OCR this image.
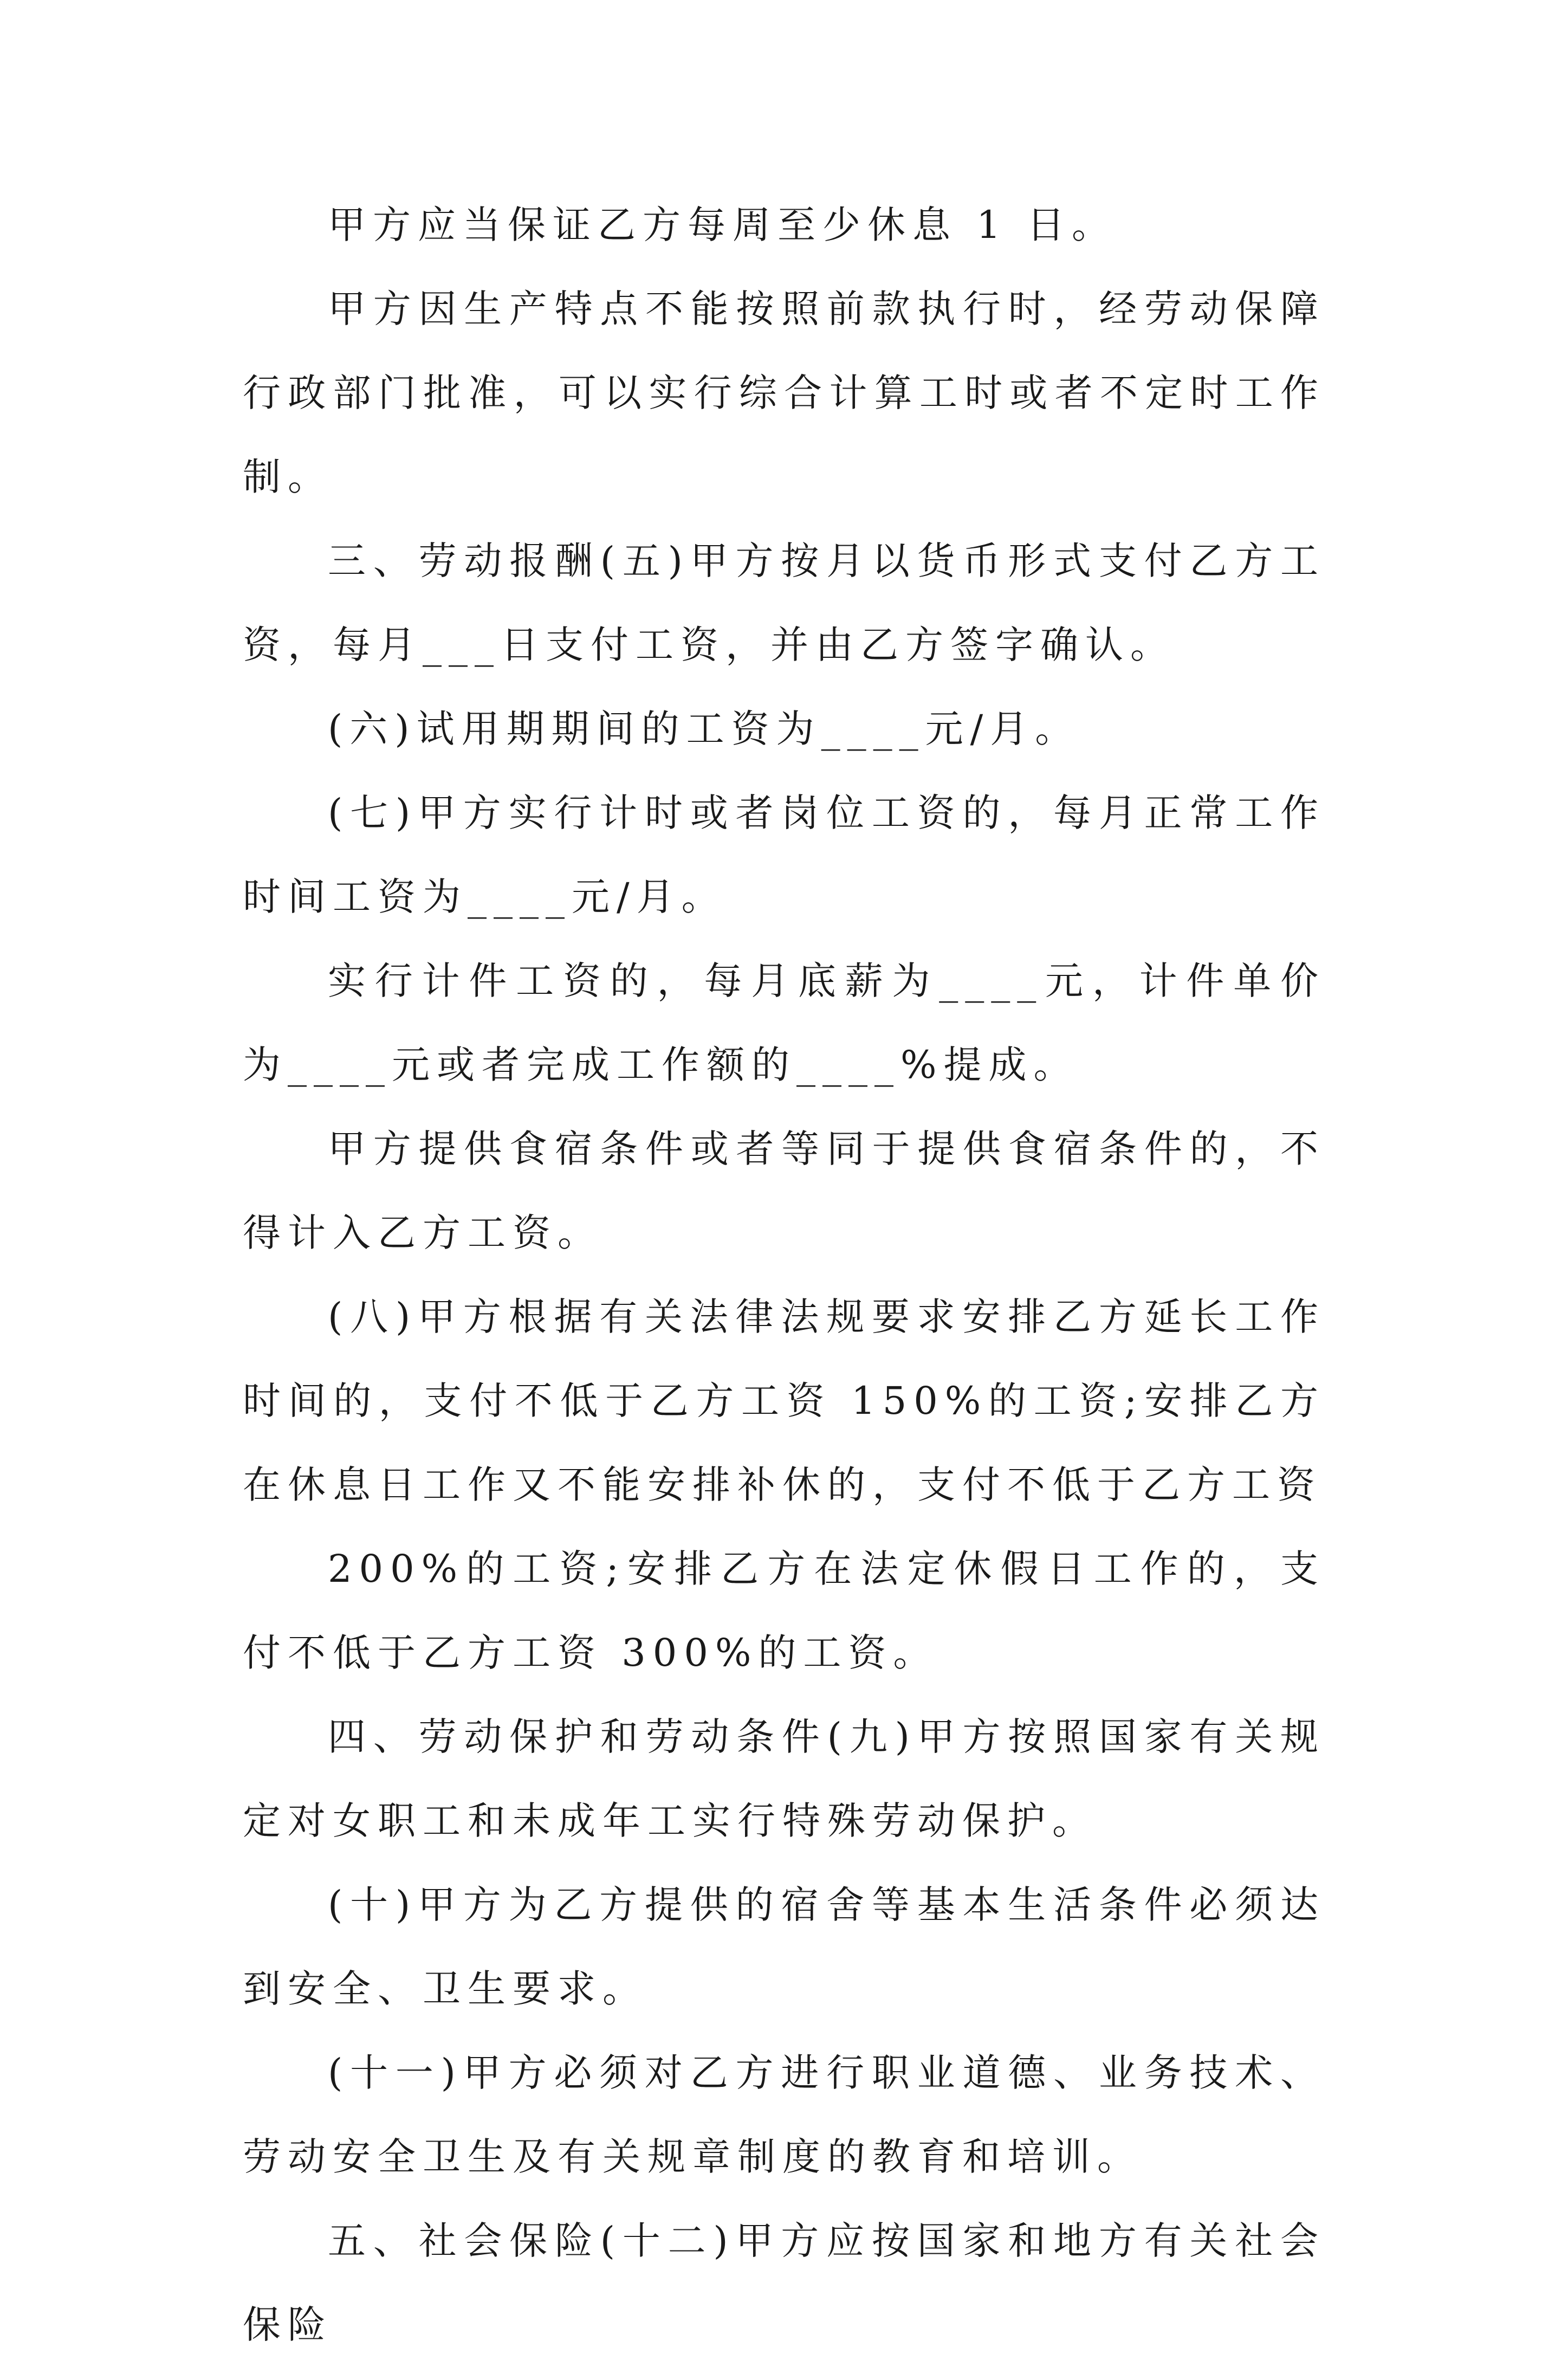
甲方应当保证乙方每周至少休息 1 日。

甲方因生产特点不能按照前款执行时，经劳动保障行政部门批准，可以实行综合计算工时或者不定时工作制。

三、劳动报酬(五)甲方按月以货币形式支付乙方工资，每月___日支付工资，并由乙方签字确认。

(六)试用期期间的工资为____元/月。

(七)甲方实行计时或者岗位工资的，每月正常工作时间工资为____元/月。

实行计件工资的，每月底薪为____元，计件单价为____元或者完成工作额的____%提成。

甲方提供食宿条件或者等同于提供食宿条件的，不得计入乙方工资。

(八)甲方根据有关法律法规要求安排乙方延长工作时间的，支付不低于乙方工资 150%的工资;安排乙方在休息日工作又不能安排补休的，支付不低于乙方工资

200%的工资;安排乙方在法定休假日工作的，支付不低于乙方工资 300%的工资。

四、劳动保护和劳动条件(九)甲方按照国家有关规定对女职工和未成年工实行特殊劳动保护。

(十)甲方为乙方提供的宿舍等基本生活条件必须达到安全、卫生要求。

(十一)甲方必须对乙方进行职业道德、业务技术、劳动安全卫生及有关规章制度的教育和培训。

五、社会保险(十二)甲方应按国家和地方有关社会保险
